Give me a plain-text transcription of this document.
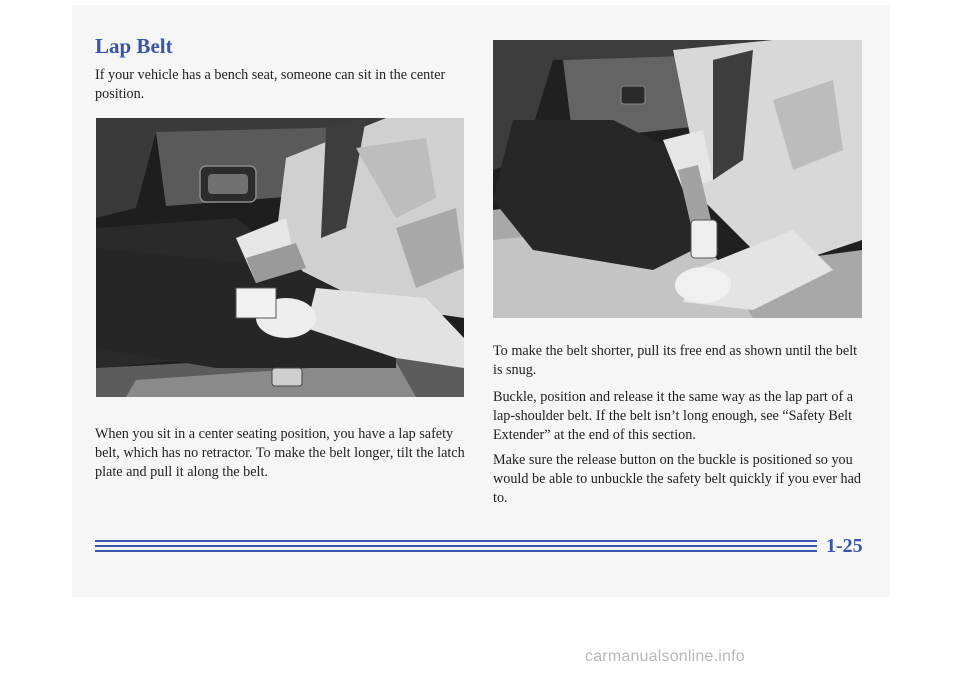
Lap Belt

If your vehicle has a bench seat, someone can sit in the center position.

When you sit in a center seating position, you have a lap safety belt, which has no retractor. To make the belt longer, tilt the latch plate and pull it along the belt.

To make the belt shorter, pull its free end as shown until the belt is snug.

Buckle, position and release it the same way as the lap part of a lap-shoulder belt. If the belt isn’t long enough, see “Safety Belt Extender” at the end of this section.

Make sure the release button on the buckle is positioned so you would be able to unbuckle the safety belt quickly if you ever had to.

1-25

carmanualsonline.info
